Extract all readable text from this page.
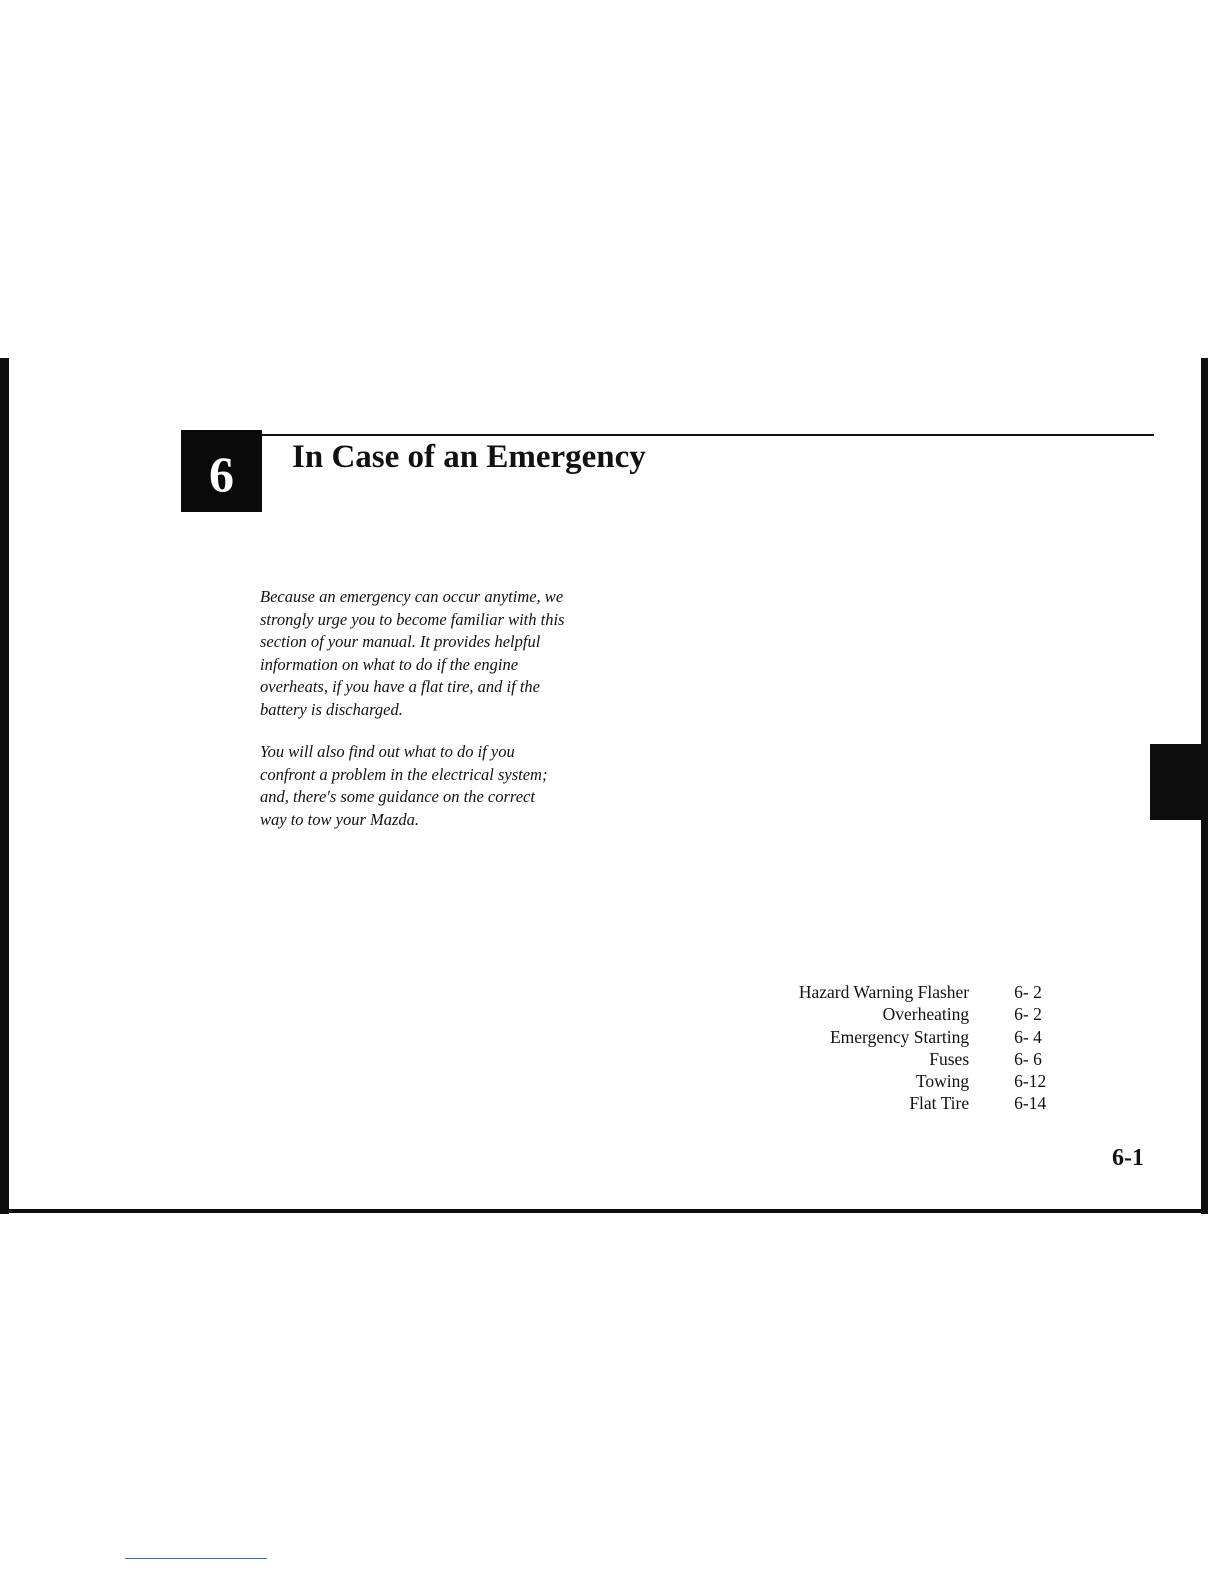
6 In Case of an Emergency

Because an emergency can occur anytime, we
strongly urge you to become familiar with this
section of your manual. It provides helpful
information on what to do if the engine
overheats, if you have a flat tire, and if the
battery is discharged.

You will also find out what to do if you
confront a problem in the electrical system;
and, there's some guidance on the correct
way to tow your Mazda.

Hazard Warning Flasher	6- 2
Overheating	6- 2
Emergency Starting	6- 4
Fuses	6- 6
Towing	6-12
Flat Tire	6-14
6-1
